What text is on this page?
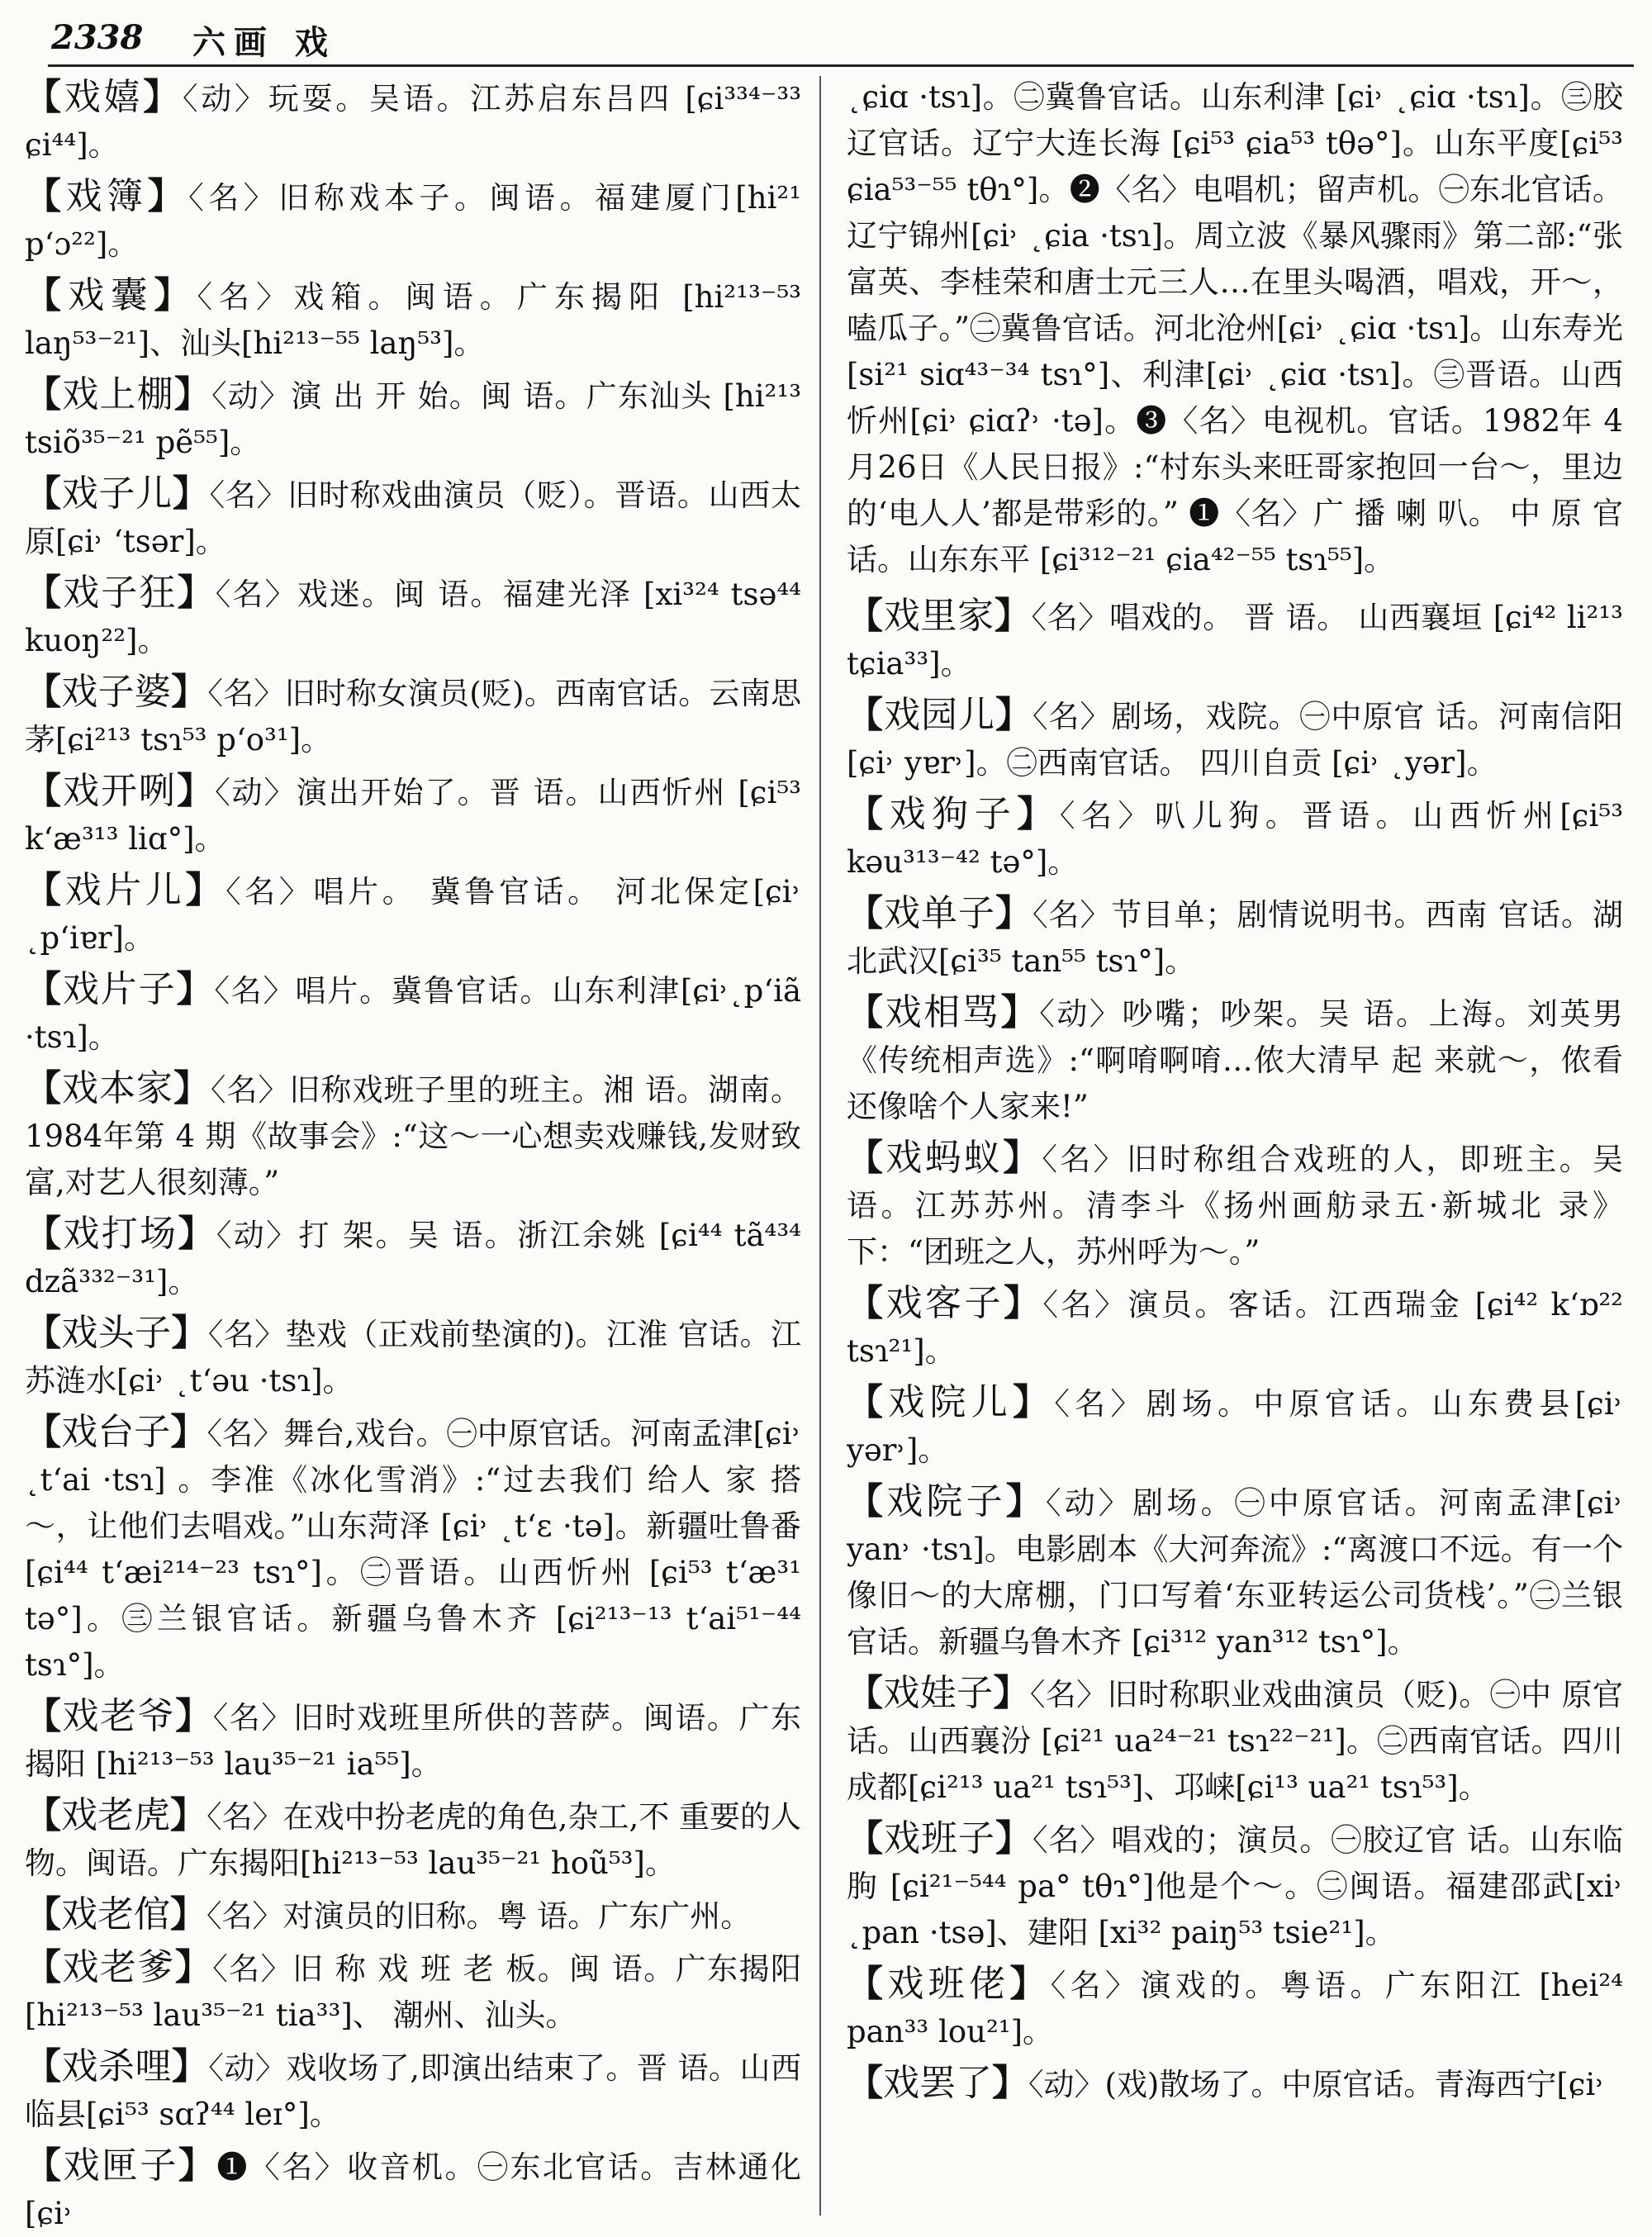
2338 六画 戏

【戏嬉】〈动〉玩耍。吴语。江苏启东吕四 [ɕi³³⁴⁻³³ ɕi⁴⁴]。

【戏簿】〈名〉旧称戏本子。闽语。福建厦门[hi²¹ pʻɔ²²]。

【戏囊】〈名〉戏箱。闽语。广东揭阳 [hi²¹³⁻⁵³ laŋ⁵³⁻²¹]、汕头[hi²¹³⁻⁵⁵ laŋ⁵³]。

【戏上棚】〈动〉演 出 开 始。闽 语。广东汕头 [hi²¹³ tsiõ³⁵⁻²¹ pẽ⁵⁵]。

【戏子儿】〈名〉旧时称戏曲演员（贬）。晋语。山西太原[ɕi˒ ʻtsər]。

【戏子狂】〈名〉戏迷。闽 语。福建光泽 [xi³²⁴ tsə⁴⁴ kuoŋ²²]。

【戏子婆】〈名〉旧时称女演员(贬)。西南官话。云南思茅[ɕi²¹³ tsɿ⁵³ pʻo³¹]。

【戏开咧】〈动〉演出开始了。晋 语。山西忻州 [ɕi⁵³ kʻæ³¹³ liɑ°]。

【戏片儿】〈名〉唱片。 冀鲁官话。 河北保定[ɕi˒ ˛pʻiɐr]。

【戏片子】〈名〉唱片。冀鲁官话。山东利津[ɕi˒˛pʻiã ·tsɿ]。

【戏本家】〈名〉旧称戏班子里的班主。湘 语。湖南。1984年第 4 期《故事会》:“这～一心想卖戏赚钱,发财致富,对艺人很刻薄。”

【戏打场】〈动〉打 架。吴 语。浙江余姚 [ɕi⁴⁴ tã⁴³⁴ dzã³³²⁻³¹]。

【戏头子】〈名〉垫戏（正戏前垫演的)。江淮 官话。江苏涟水[ɕi˒ ˛tʻəu ·tsɿ]。

【戏台子】〈名〉舞台,戏台。㊀中原官话。河南孟津[ɕi˒ ˛tʻai ·tsɿ] 。李准《冰化雪消》:“过去我们 给人 家 搭～，让他们去唱戏。”山东菏泽 [ɕi˒ ˛tʻɛ ·tə]。新疆吐鲁番[ɕi⁴⁴ tʻæi²¹⁴⁻²³ tsɿ°]。㊁晋语。山西忻州 [ɕi⁵³ tʻæ³¹ tə°]。㊂兰银官话。新疆乌鲁木齐 [ɕi²¹³⁻¹³ tʻai⁵¹⁻⁴⁴ tsɿ°]。

【戏老爷】〈名〉旧时戏班里所供的菩萨。闽语。广东揭阳 [hi²¹³⁻⁵³ lau³⁵⁻²¹ ia⁵⁵]。

【戏老虎】〈名〉在戏中扮老虎的角色,杂工,不 重要的人物。闽语。广东揭阳[hi²¹³⁻⁵³ lau³⁵⁻²¹ hoũ⁵³]。

【戏老倌】〈名〉对演员的旧称。粤 语。广东广州。

【戏老爹】〈名〉旧 称 戏 班 老 板。闽 语。广东揭阳 [hi²¹³⁻⁵³ lau³⁵⁻²¹ tia³³]、 潮州、汕头。

【戏杀哩】〈动〉戏收场了,即演出结束了。晋 语。山西临县[ɕi⁵³ sɑʔ⁴⁴ leɪ°]。

【戏匣子】❶〈名〉收音机。㊀东北官话。吉林通化 [ɕi˒

˛ɕiɑ ·tsɿ]。㊁冀鲁官话。山东利津 [ɕi˒ ˛ɕiɑ ·tsɿ]。㊂胶辽官话。辽宁大连长海 [ɕi⁵³ ɕia⁵³ tθə°]。山东平度[ɕi⁵³ ɕia⁵³⁻⁵⁵ tθɿ°]。❷〈名〉电唱机；留声机。㊀东北官话。辽宁锦州[ɕi˒ ˛ɕia ·tsɿ]。周立波《暴风骤雨》第二部:“张富英、李桂荣和唐士元三人…在里头喝酒，唱戏，开～，嗑瓜子。”㊁冀鲁官话。河北沧州[ɕi˒ ˛ɕiɑ ·tsɿ]。山东寿光[si²¹ siɑ⁴³⁻³⁴ tsɿ°]、利津[ɕi˒ ˛ɕiɑ ·tsɿ]。㊂晋语。山西忻州[ɕi˒ ɕiɑʔ˒ ·tə]。❸〈名〉电视机。官话。1982年 4 月26日《人民日报》:“村东头来旺哥家抱回一台～，里边的‘电人人’都是带彩的。” ❶〈名〉广 播 喇 叭。 中 原 官 话。山东东平 [ɕi³¹²⁻²¹ ɕia⁴²⁻⁵⁵ tsɿ⁵⁵]。

【戏里家】〈名〉唱戏的。 晋 语。 山西襄垣 [ɕi⁴² li²¹³ tɕia³³]。

【戏园儿】〈名〉剧场，戏院。㊀中原官 话。河南信阳 [ɕi˒ yɐr˒]。㊁西南官话。 四川自贡 [ɕi˒ ˛yər]。

【戏狗子】〈名〉叭儿狗。晋语。山西忻州[ɕi⁵³ kəu³¹³⁻⁴² tə°]。

【戏单子】〈名〉节目单；剧情说明书。西南 官话。湖北武汉[ɕi³⁵ tan⁵⁵ tsɿ°]。

【戏相骂】〈动〉吵嘴；吵架。吴 语。上海。刘英男《传统相声选》:“啊唷啊唷…侬大清早 起 来就～，侬看还像啥个人家来!”

【戏蚂蚁】〈名〉旧时称组合戏班的人，即班主。吴语。江苏苏州。清李斗《扬州画舫录五·新城北 录》下：“团班之人，苏州呼为～。”

【戏客子】〈名〉演员。客话。江西瑞金 [ɕi⁴² kʻɒ²² tsɿ²¹]。

【戏院儿】〈名〉剧场。中原官话。山东费县[ɕi˒ yər˒]。

【戏院子】〈动〉剧场。㊀中原官话。河南孟津[ɕi˒ yan˒ ·tsɿ]。电影剧本《大河奔流》:“离渡口不远。有一个像旧～的大席棚，门口写着‘东亚转运公司货栈’。”㊁兰银官话。新疆乌鲁木齐 [ɕi³¹² yan³¹² tsɿ°]。

【戏娃子】〈名〉旧时称职业戏曲演员（贬)。㊀中 原官话。山西襄汾 [ɕi²¹ ua²⁴⁻²¹ tsɿ²²⁻²¹]。㊁西南官话。四川成都[ɕi²¹³ ua²¹ tsɿ⁵³]、邛崃[ɕi¹³ ua²¹ tsɿ⁵³]。

【戏班子】〈名〉唱戏的；演员。㊀胶辽官 话。山东临朐 [ɕi²¹⁻⁵⁴⁴ pa° tθɿ°]他是个～。㊁闽语。福建邵武[xi˒ ˛pan ·tsə]、建阳 [xi³² paiŋ⁵³ tsie²¹]。

【戏班佬】〈名〉演戏的。粤语。广东阳江 [hei²⁴ pan³³ lou²¹]。

【戏罢了】〈动〉(戏)散场了。中原官话。青海西宁[ɕi˒
